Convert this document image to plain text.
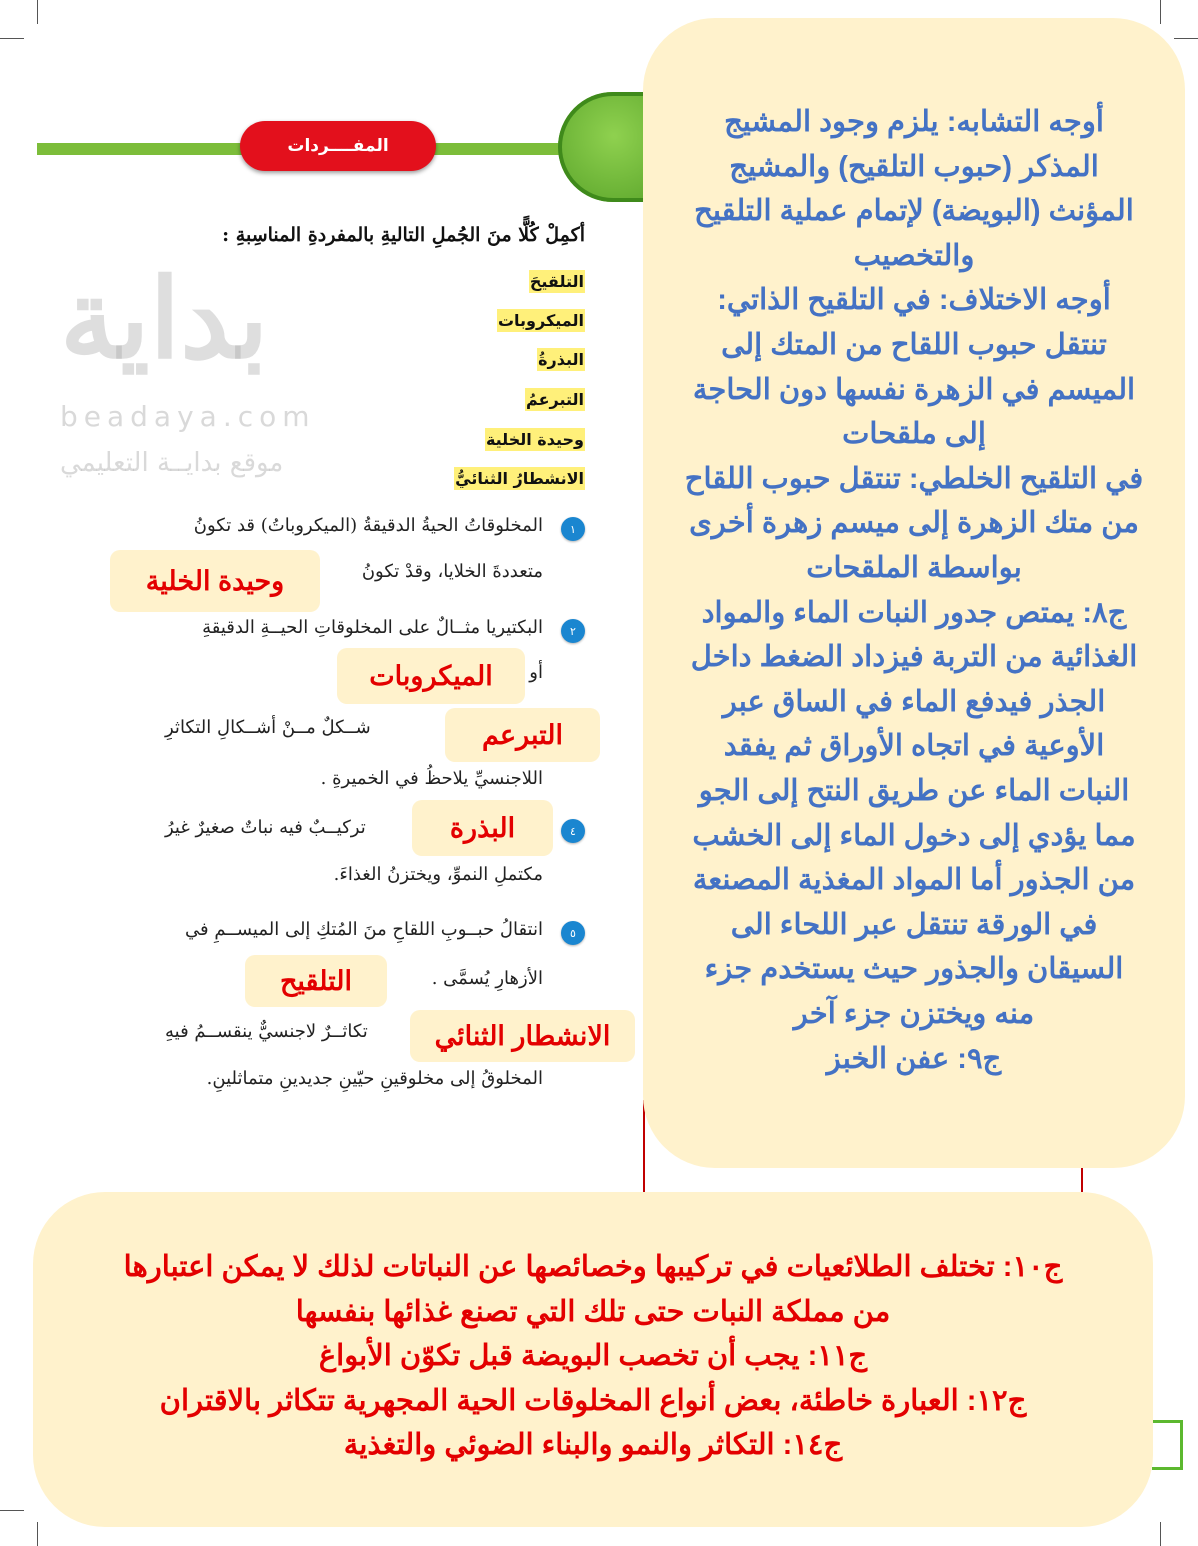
المفــــردات
بداية
beadaya.com
موقع بدايــة التعليمي
أكمِلْ كُلًّا منَ الجُملِ التاليةِ بالمفردةِ المناسِبةِ :
التلقيحَ
الميكروبات
البذرةُ
التبرعمُ
وحيدة الخلية
الانشطارُ الثنائيُّ
١
المخلوقاتُ الحيةُ الدقيقةُ (الميكروباتُ) قد تكونُ
متعددةَ الخلايا، وقدْ تكونُ
وحيدة الخلية
٢
البكتيريا مثــالٌ على المخلوقاتِ الحيــةِ الدقيقةِ
أو
الميكروبات
شــكلٌ مــنْ أشــكالِ التكاثرِ
اللاجنسيِّ يلاحظُ في الخميرةِ .
التبرعم
٤
تركيــبٌ فيه نباتٌ صغيرٌ غيرُ
مكتملِ النموِّ، ويختزنُ الغذاءَ.
البذرة
٥
انتقالُ حبــوبِ اللقاحِ منَ المُتكِ إلى الميســمِ في
الأزهارِ يُسمَّى .
التلقيح
تكاثــرٌ لاجنسيٌّ ينقســمُ فيهِ
المخلوقُ إلى مخلوقينِ حيّينِ جديدينِ متماثلينِ.
الانشطار الثنائي
أوجه التشابه: يلزم وجود المشيج
المذكر (حبوب التلقيح) والمشيج
المؤنث (البويضة) لإتمام عملية التلقيح
والتخصيب
أوجه الاختلاف: في التلقيح الذاتي:
تنتقل حبوب اللقاح من المتك إلى
الميسم في الزهرة نفسها دون الحاجة
إلى ملقحات
في التلقيح الخلطي: تنتقل حبوب اللقاح
من متك الزهرة إلى ميسم زهرة أخرى
بواسطة الملقحات
ج٨: يمتص جدور النبات الماء والمواد
الغذائية من التربة فيزداد الضغط داخل
الجذر فيدفع الماء في الساق عبر
الأوعية في اتجاه الأوراق ثم يفقد
النبات الماء عن طريق النتح إلى الجو
مما يؤدي إلى دخول الماء إلى الخشب
من الجذور أما المواد المغذية المصنعة
في الورقة تنتقل عبر اللحاء الى
السيقان والجذور حيث يستخدم جزء
منه ويختزن جزء آخر
ج٩: عفن الخبز
ج١٠: تختلف الطلائعيات في تركيبها وخصائصها عن النباتات لذلك لا يمكن اعتبارها
من مملكة النبات حتى تلك التي تصنع غذائها بنفسها
ج١١: يجب أن تخصب البويضة قبل تكوّن الأبواغ
ج١٢: العبارة خاطئة، بعض أنواع المخلوقات الحية المجهرية تتكاثر بالاقتران
ج١٤: التكاثر والنمو والبناء الضوئي والتغذية
